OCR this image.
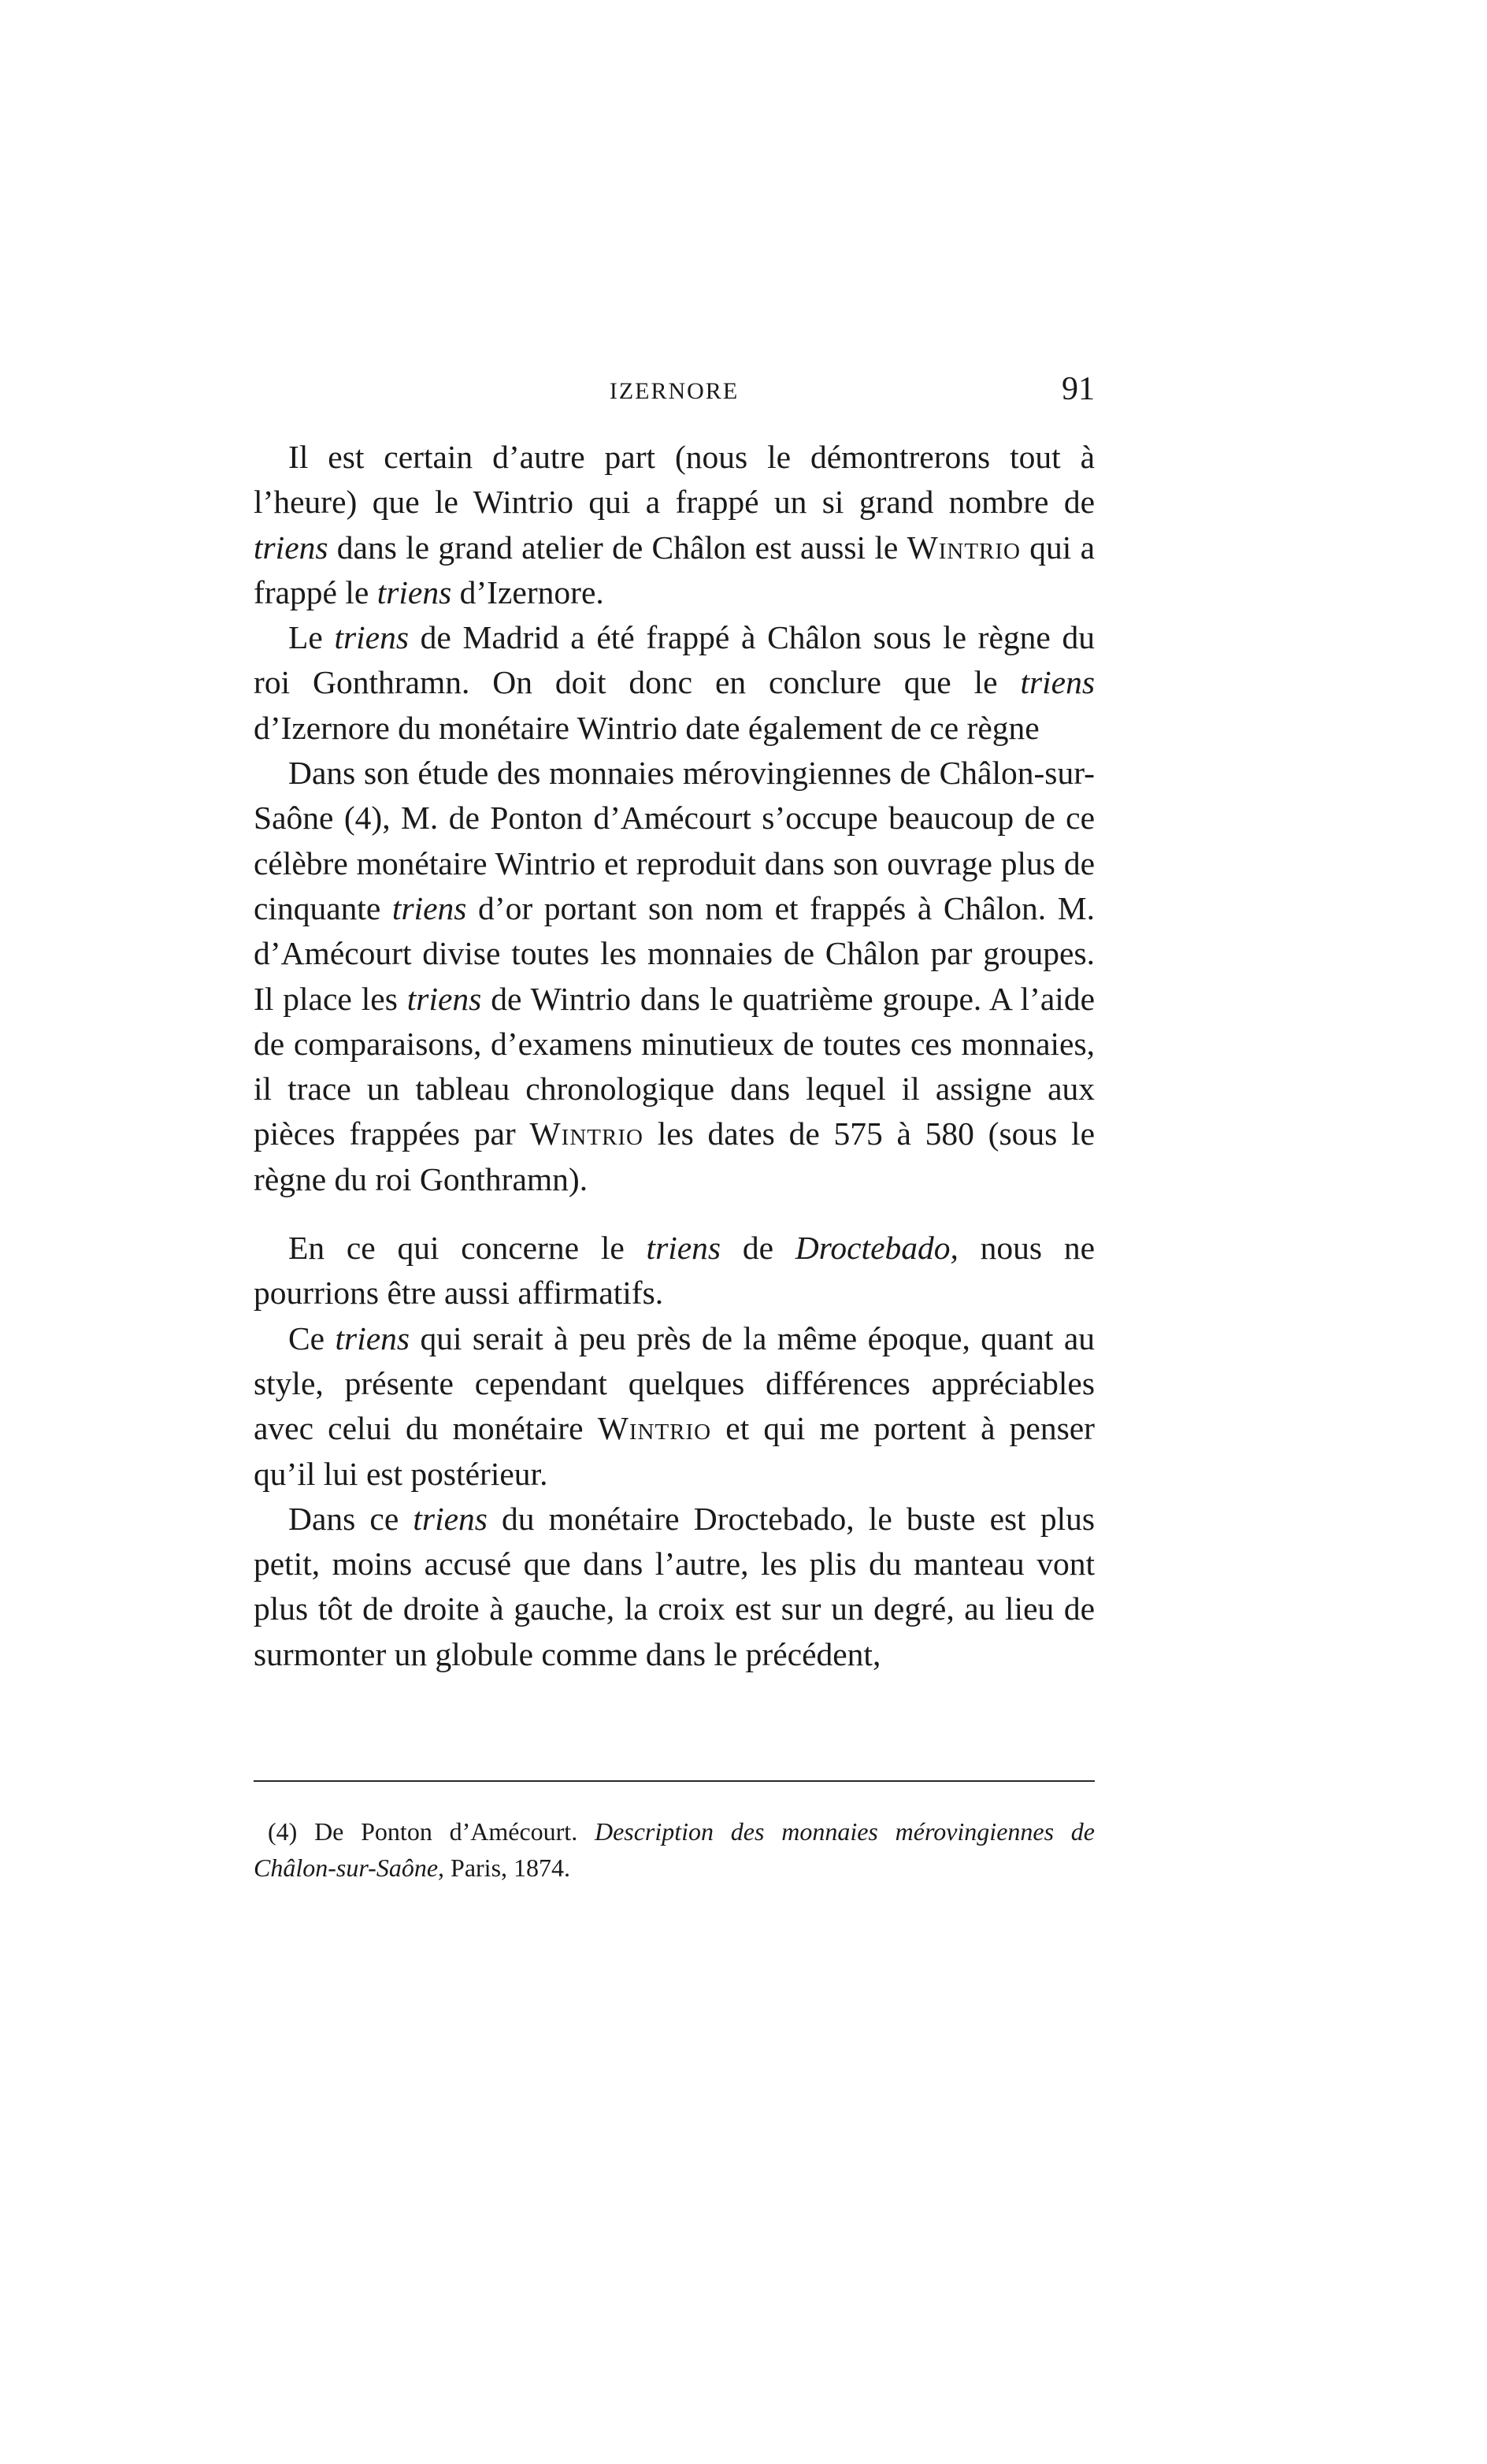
IZERNORE	91

Il est certain d’autre part (nous le démontrerons tout à l’heure) que le Wintrio qui a frappé un si grand nombre de triens dans le grand atelier de Châlon est aussi le Wintrio qui a frappé le triens d’Izernore.

Le triens de Madrid a été frappé à Châlon sous le règne du roi Gonthramn. On doit donc en conclure que le triens d’Izernore du monétaire Wintrio date également de ce règne

Dans son étude des monnaies mérovingiennes de Châlon-sur-Saône (4), M. de Ponton d’Amécourt s’occupe beaucoup de ce célèbre monétaire Wintrio et reproduit dans son ouvrage plus de cinquante triens d’or portant son nom et frappés à Châlon. M. d’Amécourt divise toutes les monnaies de Châlon par groupes. Il place les triens de Wintrio dans le quatrième groupe. A l’aide de comparaisons, d’examens minutieux de toutes ces monnaies, il trace un tableau chronologique dans lequel il assigne aux pièces frappées par Wintrio les dates de 575 à 580 (sous le règne du roi Gonthramn).

En ce qui concerne le triens de Droctebado, nous ne pourrions être aussi affirmatifs.

Ce triens qui serait à peu près de la même époque, quant au style, présente cependant quelques différences appréciables avec celui du monétaire Wintrio et qui me portent à penser qu’il lui est postérieur.

Dans ce triens du monétaire Droctebado, le buste est plus petit, moins accusé que dans l’autre, les plis du manteau vont plus tôt de droite à gauche, la croix est sur un degré, au lieu de surmonter un globule comme dans le précédent,

(4) De Ponton d’Amécourt. Description des monnaies mérovingiennes de Châlon-sur-Saône, Paris, 1874.
